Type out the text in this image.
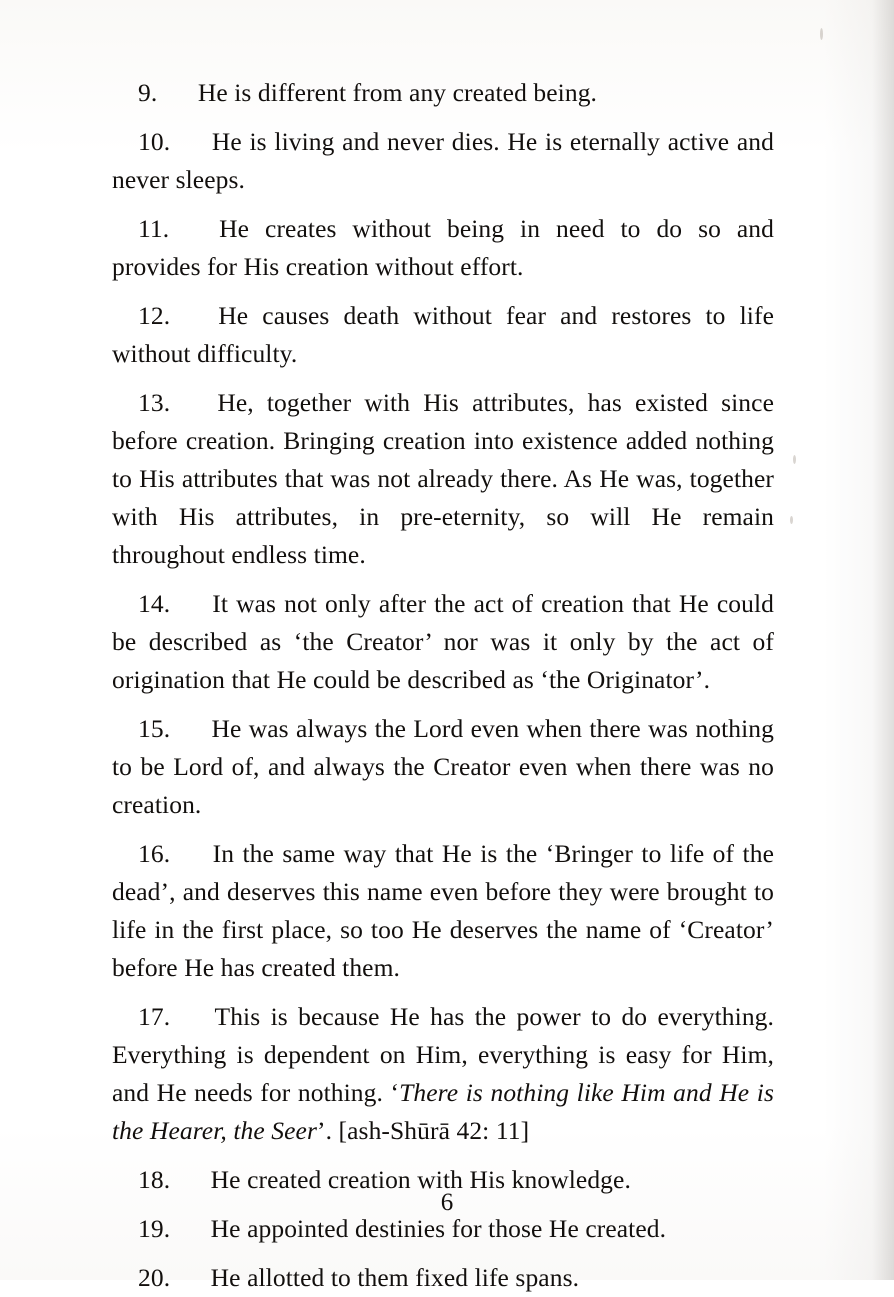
9. He is different from any created being.

10. He is living and never dies. He is eternally active and never sleeps.

11. He creates without being in need to do so and provides for His creation without effort.

12. He causes death without fear and restores to life without difficulty.

13. He, together with His attributes, has existed since before creation. Bringing creation into existence added nothing to His attributes that was not already there. As He was, together with His attributes, in pre-eternity, so will He remain throughout endless time.

14. It was not only after the act of creation that He could be described as ‘the Creator’ nor was it only by the act of origination that He could be described as ‘the Originator’.

15. He was always the Lord even when there was nothing to be Lord of, and always the Creator even when there was no creation.

16. In the same way that He is the ‘Bringer to life of the dead’, and deserves this name even before they were brought to life in the first place, so too He deserves the name of ‘Creator’ before He has created them.

17. This is because He has the power to do everything. Everything is dependent on Him, everything is easy for Him, and He needs for nothing. ‘There is nothing like Him and He is the Hearer, the Seer’. [ash-Shūrā 42: 11]

18. He created creation with His knowledge.

19. He appointed destinies for those He created.

20. He allotted to them fixed life spans.

6
